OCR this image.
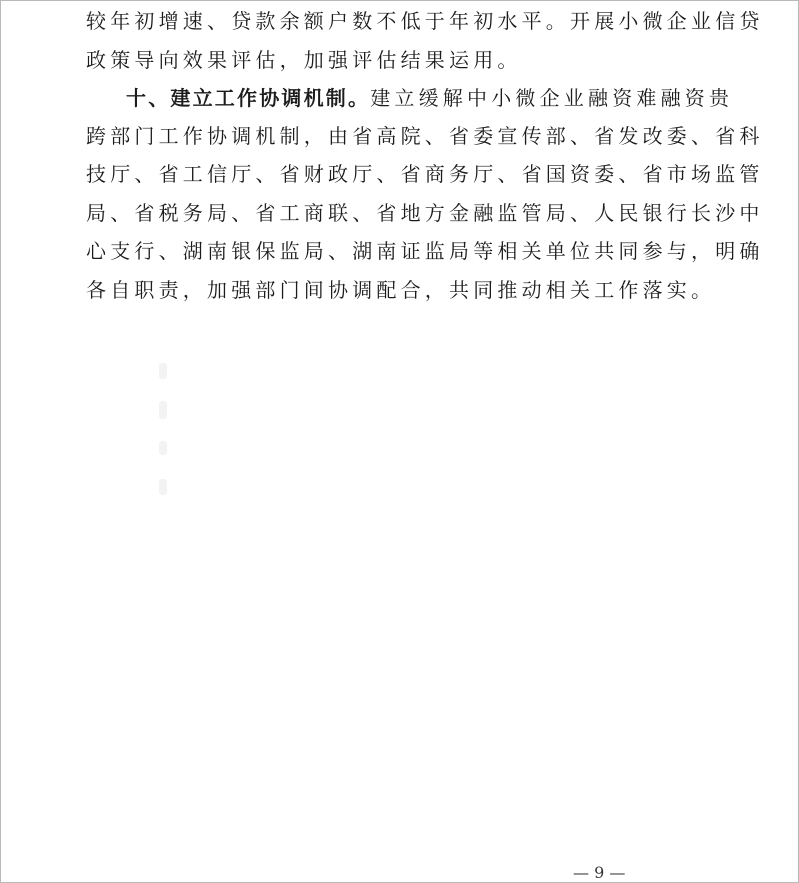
较年初增速、贷款余额户数不低于年初水平。开展小微企业信贷
政策导向效果评估，加强评估结果运用。
十、建立工作协调机制。建立缓解中小微企业融资难融资贵
跨部门工作协调机制，由省高院、省委宣传部、省发改委、省科
技厅、省工信厅、省财政厅、省商务厅、省国资委、省市场监管
局、省税务局、省工商联、省地方金融监管局、人民银行长沙中
心支行、湖南银保监局、湖南证监局等相关单位共同参与，明确
各自职责，加强部门间协调配合，共同推动相关工作落实。
— 9 —
